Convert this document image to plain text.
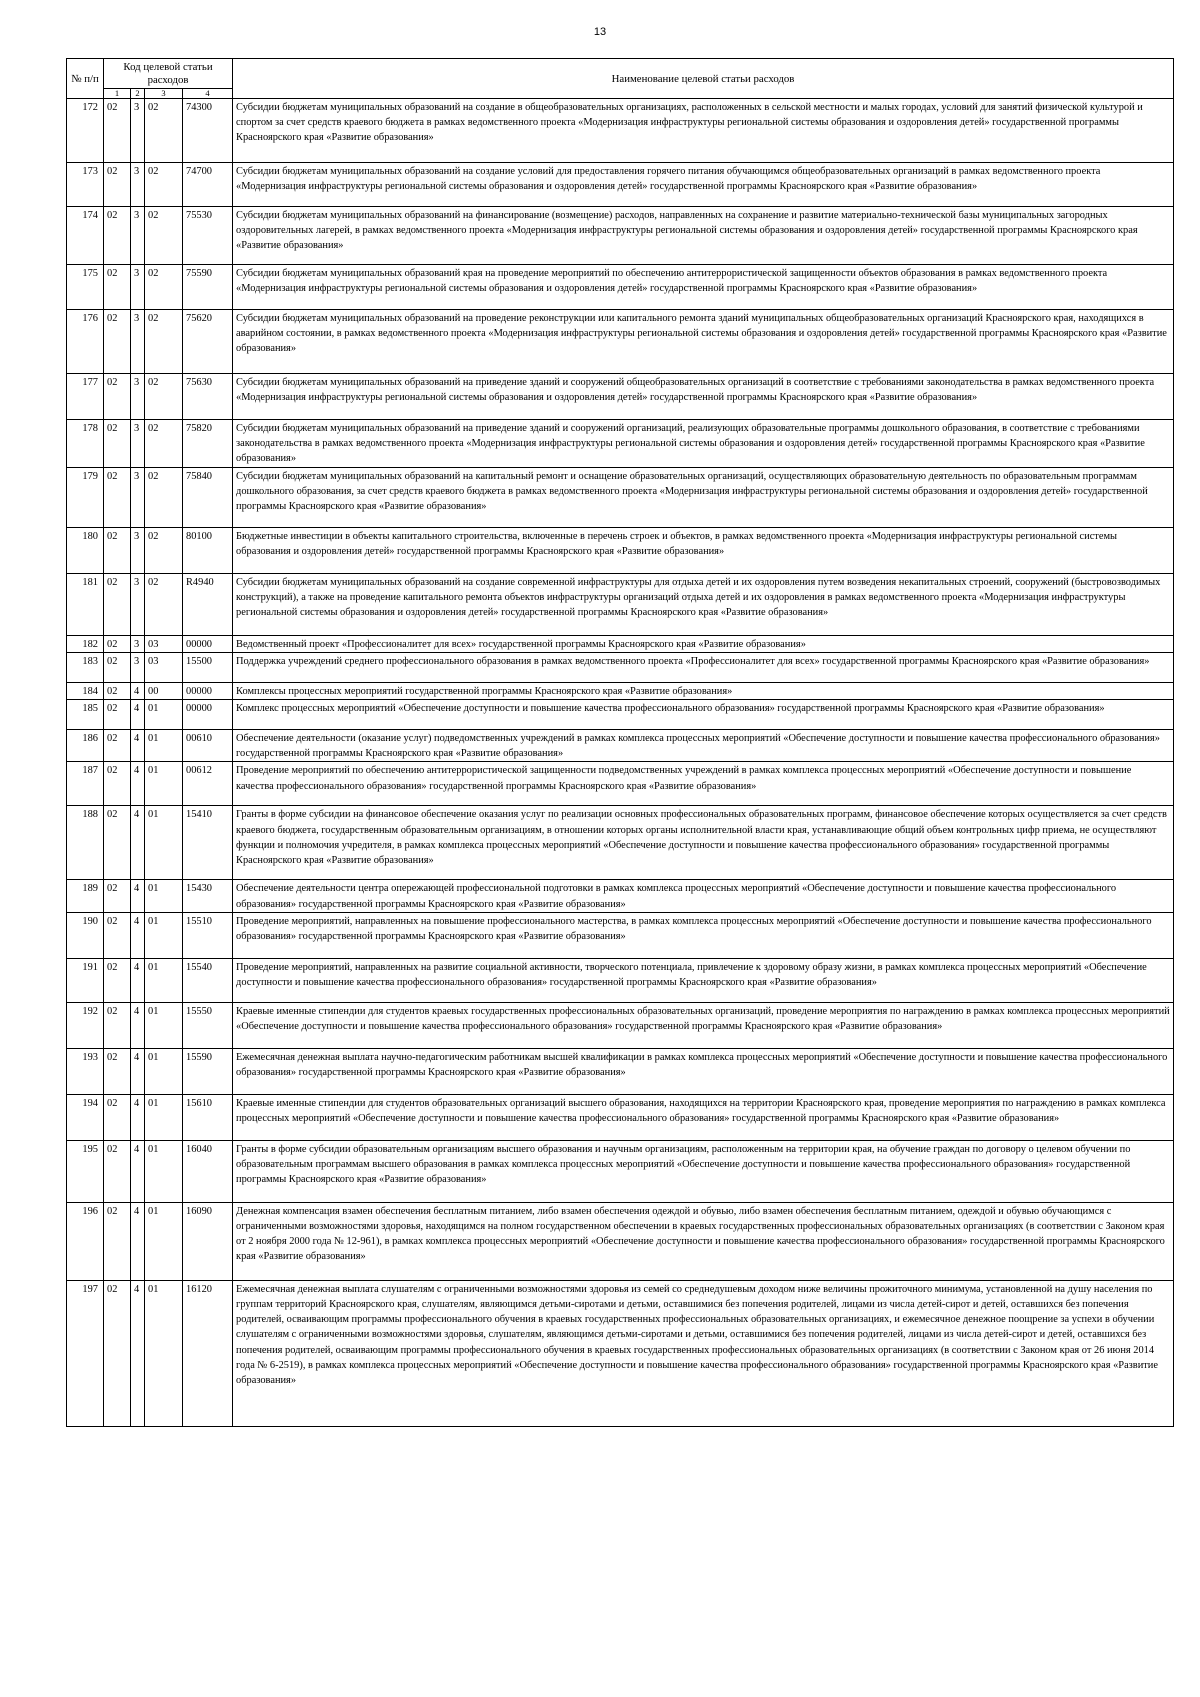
13
№ п/п	Код целевой статьи расходов				Наименование целевой статьи расходов
	1	2	3	4	
172	02	3	02	74300	Субсидии бюджетам муниципальных образований на создание в общеобразовательных организациях, расположенных в сельской местности и малых городах, условий для занятий физической культурой и спортом за счет средств краевого бюджета в рамках ведомственного проекта «Модернизация инфраструктуры региональной системы образования и оздоровления детей» государственной программы Красноярского края «Развитие образования»
173	02	3	02	74700	Субсидии бюджетам муниципальных образований на создание условий для предоставления горячего питания обучающимся общеобразовательных организаций в рамках ведомственного проекта «Модернизация инфраструктуры региональной системы образования и оздоровления детей» государственной программы Красноярского края «Развитие образования»
174	02	3	02	75530	Субсидии бюджетам муниципальных образований на финансирование (возмещение) расходов, направленных на сохранение и развитие материально-технической базы муниципальных загородных оздоровительных лагерей, в рамках ведомственного проекта «Модернизация инфраструктуры региональной системы образования и оздоровления детей» государственной программы Красноярского края «Развитие образования»
175	02	3	02	75590	Субсидии бюджетам муниципальных образований края на проведение мероприятий по обеспечению антитеррористической защищенности объектов образования в рамках ведомственного проекта «Модернизация инфраструктуры региональной системы образования и оздоровления детей» государственной программы Красноярского края «Развитие образования»
176	02	3	02	75620	Субсидии бюджетам муниципальных образований на проведение реконструкции или капитального ремонта зданий муниципальных общеобразовательных организаций Красноярского края, находящихся в аварийном состоянии, в рамках ведомственного проекта «Модернизация инфраструктуры региональной системы образования и оздоровления детей» государственной программы Красноярского края «Развитие образования»
177	02	3	02	75630	Субсидии бюджетам муниципальных образований на приведение зданий и сооружений общеобразовательных организаций в соответствие с требованиями законодательства в рамках ведомственного проекта «Модернизация инфраструктуры региональной системы образования и оздоровления детей» государственной программы Красноярского края «Развитие образования»
178	02	3	02	75820	Субсидии бюджетам муниципальных образований на приведение зданий и сооружений организаций, реализующих образовательные программы дошкольного образования, в соответствие с требованиями законодательства в рамках ведомственного проекта «Модернизация инфраструктуры региональной системы образования и оздоровления детей» государственной программы Красноярского края «Развитие образования»
179	02	3	02	75840	Субсидии бюджетам муниципальных образований на капитальный ремонт и оснащение образовательных организаций, осуществляющих образовательную деятельность по образовательным программам дошкольного образования, за счет средств краевого бюджета в рамках ведомственного проекта «Модернизация инфраструктуры региональной системы образования и оздоровления детей» государственной программы Красноярского края «Развитие образования»
180	02	3	02	80100	Бюджетные инвестиции в объекты капитального строительства, включенные в перечень строек и объектов, в рамках ведомственного проекта «Модернизация инфраструктуры региональной системы образования и оздоровления детей» государственной программы Красноярского края «Развитие образования»
181	02	3	02	R4940	Субсидии бюджетам муниципальных образований на создание современной инфраструктуры для отдыха детей и их оздоровления путем возведения некапитальных строений, сооружений (быстровозводимых конструкций), а также на проведение капитального ремонта объектов инфраструктуры организаций отдыха детей и их оздоровления в рамках ведомственного проекта «Модернизация инфраструктуры региональной системы образования и оздоровления детей» государственной программы Красноярского края «Развитие образования»
182	02	3	03	00000	Ведомственный проект «Профессионалитет для всех» государственной программы Красноярского края «Развитие образования»
183	02	3	03	15500	Поддержка учреждений среднего профессионального образования в рамках ведомственного проекта «Профессионалитет для всех» государственной программы Красноярского края «Развитие образования»
184	02	4	00	00000	Комплексы процессных мероприятий государственной программы Красноярского края «Развитие образования»
185	02	4	01	00000	Комплекс процессных мероприятий «Обеспечение доступности и повышение качества профессионального образования» государственной программы Красноярского края «Развитие образования»
186	02	4	01	00610	Обеспечение деятельности (оказание услуг) подведомственных учреждений в рамках комплекса процессных мероприятий «Обеспечение доступности и повышение качества профессионального образования» государственной программы Красноярского края «Развитие образования»
187	02	4	01	00612	Проведение мероприятий по обеспечению антитеррористической защищенности подведомственных учреждений в рамках комплекса процессных мероприятий «Обеспечение доступности и повышение качества профессионального образования» государственной программы Красноярского края «Развитие образования»
188	02	4	01	15410	Гранты в форме субсидии на финансовое обеспечение оказания услуг по реализации основных профессиональных образовательных программ, финансовое обеспечение которых осуществляется за счет средств краевого бюджета, государственным образовательным организациям, в отношении которых органы исполнительной власти края, устанавливающие общий объем контрольных цифр приема, не осуществляют функции и полномочия учредителя, в рамках комплекса процессных мероприятий «Обеспечение доступности и повышение качества профессионального образования» государственной программы Красноярского края «Развитие образования»
189	02	4	01	15430	Обеспечение деятельности центра опережающей профессиональной подготовки в рамках комплекса процессных мероприятий «Обеспечение доступности и повышение качества профессионального образования» государственной программы Красноярского края «Развитие образования»
190	02	4	01	15510	Проведение мероприятий, направленных на повышение профессионального мастерства, в рамках комплекса процессных мероприятий «Обеспечение доступности и повышение качества профессионального образования» государственной программы Красноярского края «Развитие образования»
191	02	4	01	15540	Проведение мероприятий, направленных на развитие социальной активности, творческого потенциала, привлечение к здоровому образу жизни, в рамках комплекса процессных мероприятий «Обеспечение доступности и повышение качества профессионального образования» государственной программы Красноярского края «Развитие образования»
192	02	4	01	15550	Краевые именные стипендии для студентов краевых государственных профессиональных образовательных организаций, проведение мероприятия по награждению в рамках комплекса процессных мероприятий «Обеспечение доступности и повышение качества профессионального образования» государственной программы Красноярского края «Развитие образования»
193	02	4	01	15590	Ежемесячная денежная выплата научно-педагогическим работникам высшей квалификации в рамках комплекса процессных мероприятий «Обеспечение доступности и повышение качества профессионального образования» государственной программы Красноярского края «Развитие образования»
194	02	4	01	15610	Краевые именные стипендии для студентов образовательных организаций высшего образования, находящихся на территории Красноярского края, проведение мероприятия по награждению в рамках комплекса процессных мероприятий «Обеспечение доступности и повышение качества профессионального образования» государственной программы Красноярского края «Развитие образования»
195	02	4	01	16040	Гранты в форме субсидии образовательным организациям высшего образования и научным организациям, расположенным на территории края, на обучение граждан по договору о целевом обучении по образовательным программам высшего образования в рамках комплекса процессных мероприятий «Обеспечение доступности и повышение качества профессионального образования» государственной программы Красноярского края «Развитие образования»
196	02	4	01	16090	Денежная компенсация взамен обеспечения бесплатным питанием, либо взамен обеспечения одеждой и обувью, либо взамен обеспечения бесплатным питанием, одеждой и обувью обучающимся с ограниченными возможностями здоровья, находящимся на полном государственном обеспечении в краевых государственных профессиональных образовательных организациях (в соответствии с Законом края от 2 ноября 2000 года № 12-961), в рамках комплекса процессных мероприятий «Обеспечение доступности и повышение качества профессионального образования» государственной программы Красноярского края «Развитие образования»
197	02	4	01	16120	Ежемесячная денежная выплата слушателям с ограниченными возможностями здоровья из семей со среднедушевым доходом ниже величины прожиточного минимума, установленной на душу населения по группам территорий Красноярского края, слушателям, являющимся детьми-сиротами и детьми, оставшимися без попечения родителей, лицами из числа детей-сирот и детей, оставшихся без попечения родителей, осваивающим программы профессионального обучения в краевых государственных профессиональных образовательных организациях, и ежемесячное денежное поощрение за успехи в обучении слушателям с ограниченными возможностями здоровья, слушателям, являющимся детьми-сиротами и детьми, оставшимися без попечения родителей, лицами из числа детей-сирот и детей, оставшихся без попечения родителей, осваивающим программы профессионального обучения в краевых государственных профессиональных образовательных организациях (в соответствии с Законом края от 26 июня 2014 года № 6-2519), в рамках комплекса процессных мероприятий «Обеспечение доступности и повышение качества профессионального образования» государственной программы Красноярского края «Развитие образования»
